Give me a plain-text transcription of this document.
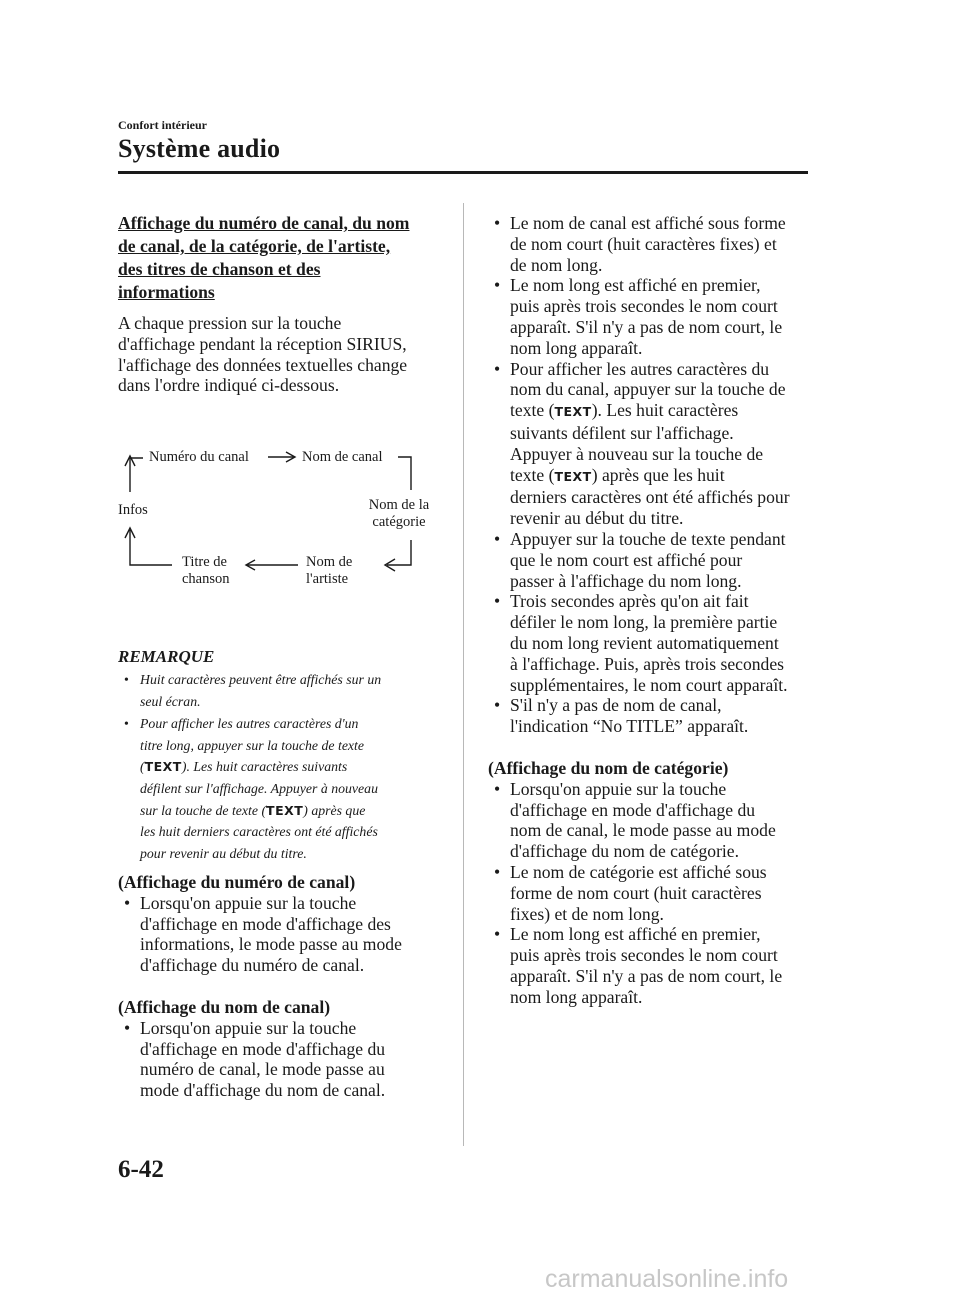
Confort intérieur
Système audio
Affichage du numéro de canal, du nom
de canal, de la catégorie, de l'artiste,
des titres de chanson et des
informations
A chaque pression sur la touche
d'affichage pendant la réception SIRIUS,
l'affichage des données textuelles change
dans l'ordre indiqué ci-dessous.
Numéro du canal	Nom de canal
Nom de la
catégorie
Nom de
l'artiste
Titre de
chanson
Infos
REMARQUE
• Huit caractères peuvent être affichés sur un
seul écran.
• Pour afficher les autres caractères d'un
titre long, appuyer sur la touche de texte
(TEXT). Les huit caractères suivants
défilent sur l'affichage. Appuyer à nouveau
sur la touche de texte (TEXT) après que
les huit derniers caractères ont été affichés
pour revenir au début du titre.
(Affichage du numéro de canal)
• Lorsqu'on appuie sur la touche
d'affichage en mode d'affichage des
informations, le mode passe au mode
d'affichage du numéro de canal.
(Affichage du nom de canal)
• Lorsqu'on appuie sur la touche
d'affichage en mode d'affichage du
numéro de canal, le mode passe au
mode d'affichage du nom de canal.
• Le nom de canal est affiché sous forme
de nom court (huit caractères fixes) et
de nom long.
• Le nom long est affiché en premier,
puis après trois secondes le nom court
apparaît. S'il n'y a pas de nom court, le
nom long apparaît.
• Pour afficher les autres caractères du
nom du canal, appuyer sur la touche de
texte (TEXT). Les huit caractères
suivants défilent sur l'affichage.
Appuyer à nouveau sur la touche de
texte (TEXT) après que les huit
derniers caractères ont été affichés pour
revenir au début du titre.
• Appuyer sur la touche de texte pendant
que le nom court est affiché pour
passer à l'affichage du nom long.
• Trois secondes après qu'on ait fait
défiler le nom long, la première partie
du nom long revient automatiquement
à l'affichage. Puis, après trois secondes
supplémentaires, le nom court apparaît.
• S'il n'y a pas de nom de canal,
l'indication “No TITLE” apparaît.
(Affichage du nom de catégorie)
• Lorsqu'on appuie sur la touche
d'affichage en mode d'affichage du
nom de canal, le mode passe au mode
d'affichage du nom de catégorie.
• Le nom de catégorie est affiché sous
forme de nom court (huit caractères
fixes) et de nom long.
• Le nom long est affiché en premier,
puis après trois secondes le nom court
apparaît. S'il n'y a pas de nom court, le
nom long apparaît.
6-42
carmanualsonline.info
